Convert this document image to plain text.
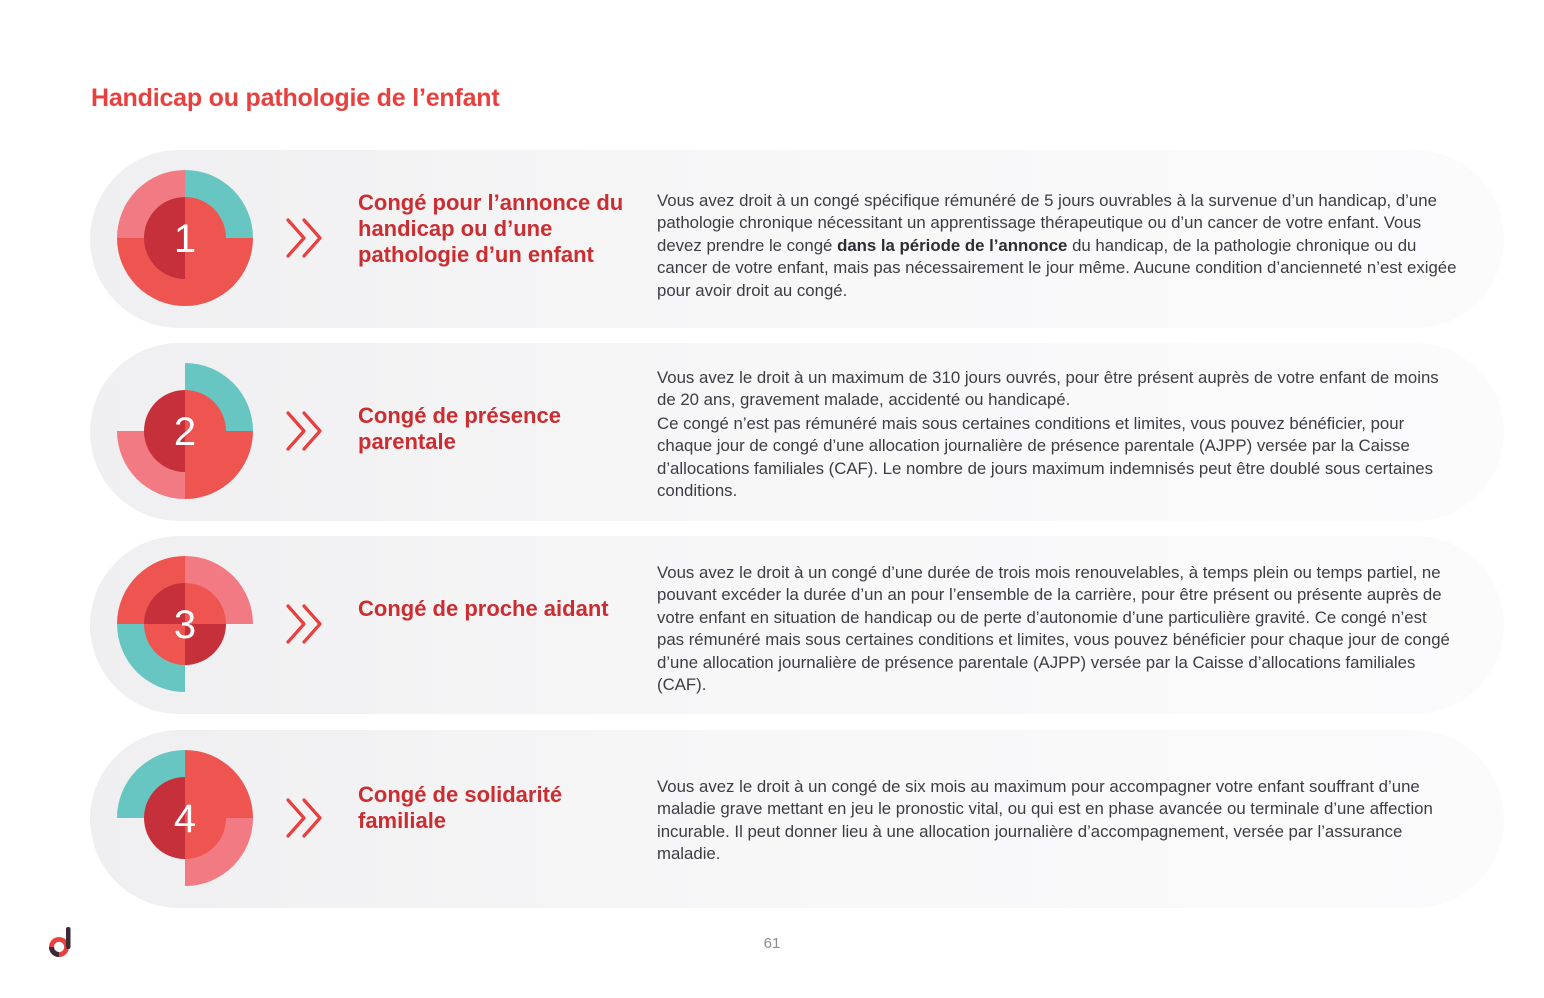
Handicap ou pathologie de l’enfant
1
Congé pour l’annonce du handicap ou d’une pathologie d’un enfant
Vous avez droit à un congé spécifique rémunéré de 5 jours ouvrables à la survenue d’un handicap, d’une pathologie chronique nécessitant un apprentissage thérapeutique ou d’un cancer de votre enfant. Vous devez prendre le congé dans la période de l’annonce du handicap, de la pathologie chronique ou du cancer de votre enfant, mais pas nécessairement le jour même. Aucune condition d’ancienneté n’est exigée pour avoir droit au congé.
2	Congé de présence parentale
Vous avez le droit à un maximum de 310 jours ouvrés, pour être présent auprès de votre enfant de moins de 20 ans, gravement malade, accidenté ou handicapé.
Ce congé n’est pas rémunéré mais sous certaines conditions et limites, vous pouvez bénéficier, pour chaque jour de congé d’une allocation journalière de présence parentale (AJPP) versée par la Caisse d’allocations familiales (CAF). Le nombre de jours maximum indemnisés peut être doublé sous certaines conditions.
3	Congé de proche aidant
Vous avez le droit à un congé d’une durée de trois mois renouvelables, à temps plein ou temps partiel, ne pouvant excéder la durée d’un an pour l’ensemble de la carrière, pour être présent ou présente auprès de votre enfant en situation de handicap ou de perte d’autonomie d’une particulière gravité. Ce congé n’est pas rémunéré mais sous certaines conditions et limites, vous pouvez bénéficier pour chaque jour de congé d’une allocation journalière de présence parentale (AJPP) versée par la Caisse d’allocations familiales (CAF).
4
Congé de solidarité familiale
Vous avez le droit à un congé de six mois au maximum pour accompagner votre enfant souffrant d’une maladie grave mettant en jeu le pronostic vital, ou qui est en phase avancée ou terminale d’une affection incurable. Il peut donner lieu à une allocation journalière d’accompagnement, versée par l’assurance maladie.
61
